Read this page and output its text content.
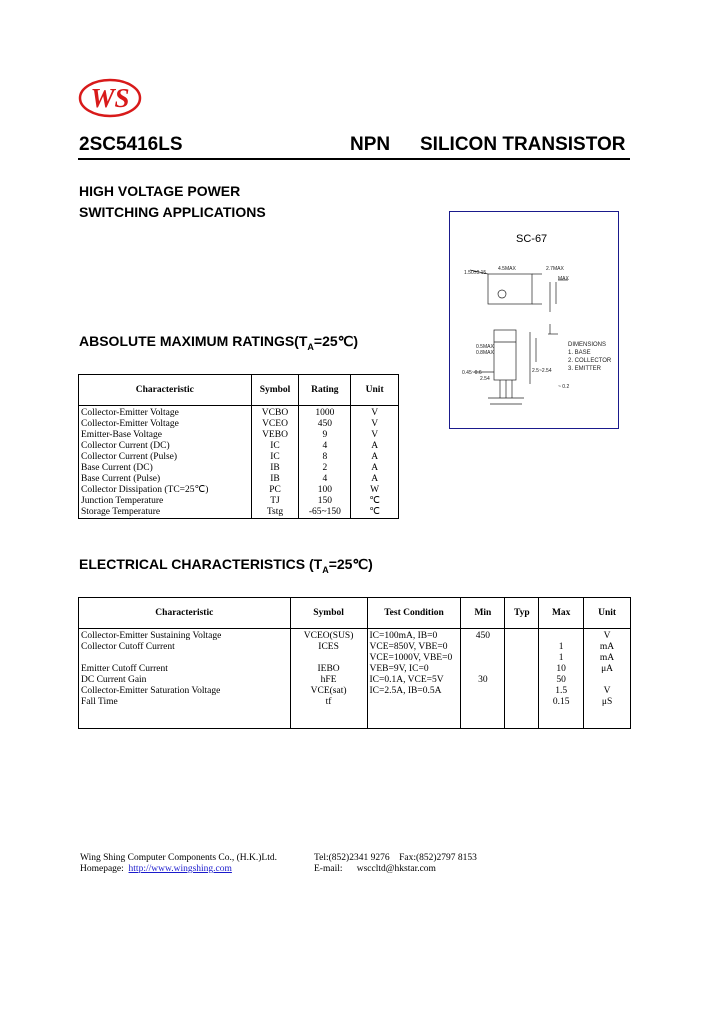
WS
2SC5416LS	NPN SILICON TRANSISTOR
HIGH VOLTAGE POWER
SWITCHING APPLICATIONS
SC-67
1.50±0.15
4.5MAX	2.7MAX
MAX
0.5MAX
0.8MAX
0.45~0.6
2.54
2.5~2.54
~ 0.2
DIMENSIONS
1. BASE
2. COLLECTOR
3. EMITTER
ABSOLUTE MAXIMUM $RATINGS(T_A=25℃)$
Characteristic	Symbol	Rating	Unit
Collector-Emitter Voltage	VCBO	1000	V
Collector-Emitter Voltage	VCEO	450	V
Emitter-Base Voltage	VEBO	9	V
Collector Current (DC)	IC	4	A
Collector Current (Pulse)	IC	8	A
Base Current (DC)	IB	2	A
Base Current (Pulse)	IB	4	A
Collector Dissipation (TC=25℃)	PC	100	W
Junction Temperature	TJ	150	℃
Storage Temperature	Tstg	-65~150	℃
ELECTRICAL CHARACTERISTICS $(T_A=25℃)$
Characteristic	Symbol	Test Condition	Min	Typ	Max	Unit
Collector-Emitter Sustaining Voltage	VCEO(SUS)	IC=100mA, IB=0	450			V
Collector Cutoff Current	ICES	VCE=850V, VBE=0			1	mA
		VCE=1000V, VBE=0			1	mA
Emitter Cutoff Current	IEBO	VEB=9V, IC=0			10	μA
DC Current Gain	hFE	IC=0.1A, VCE=5V	30		50	
Collector-Emitter Saturation Voltage	VCE(sat)	IC=2.5A, IB=0.5A			1.5	V
Fall Time	tf				0.15	μS
Wing Shing Computer Components Co., (H.K.)Ltd.
Homepage: http://www.wingshing.com
Tel:(852)2341 9276    Fax:(852)2797 8153
E-mail: wsccltd@hkstar.com
